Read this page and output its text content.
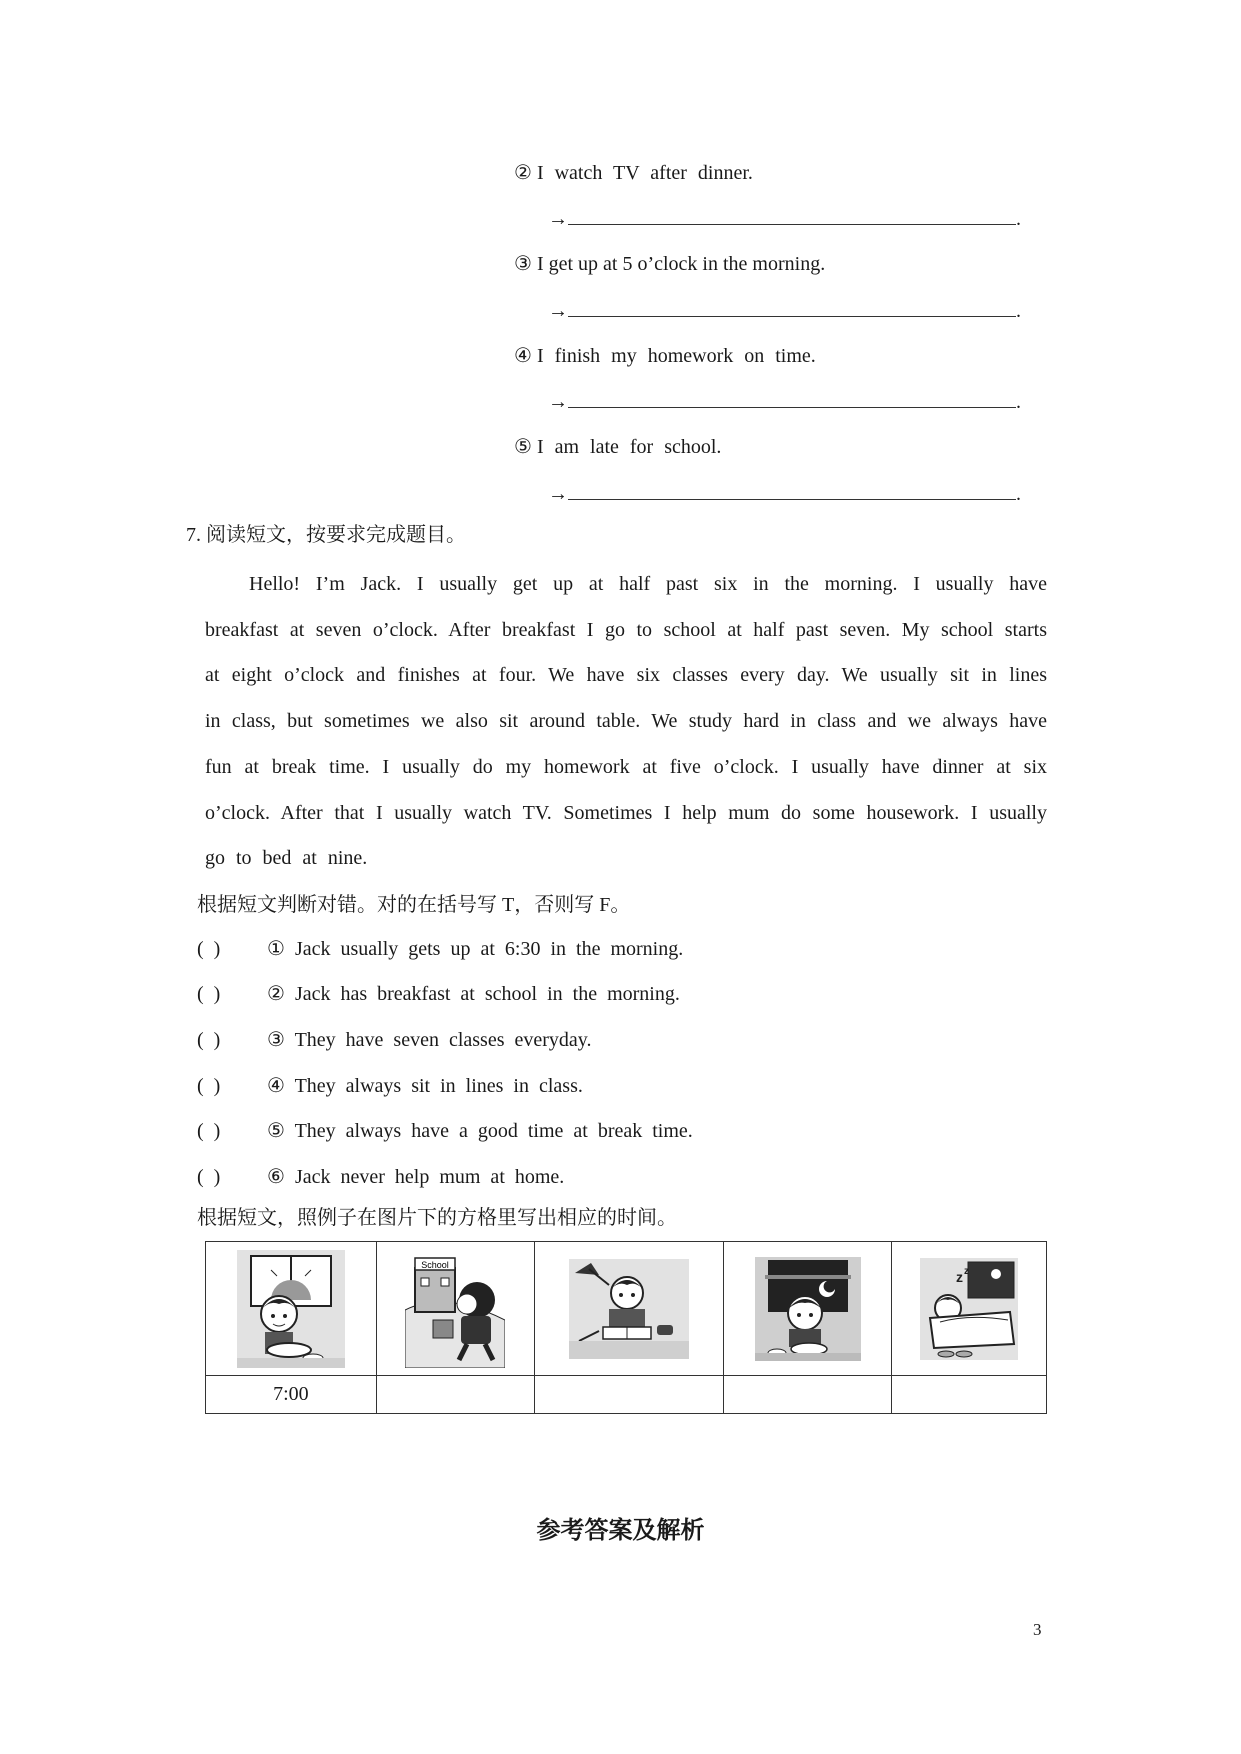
② I watch TV after dinner.
→	.
③ I get up at 5 o’clock in the morning.
→	.
④ I finish my homework on time.
→	.
⑤ I am late for school.
→	.
7. 阅读短文，按要求完成题目。
Hello! I’m Jack. I usually get up at half past six in the morning. I usually have breakfast at seven o’clock. After breakfast I go to school at half past seven. My school starts at eight o’clock and finishes at four. We have six classes every day. We usually sit in lines in class, but sometimes we also sit around table. We study hard in class and we always have fun at break time. I usually do my homework at five o’clock. I usually have dinner at six o’clock. After that I usually watch TV. Sometimes I help mum do some housework. I usually go to bed at nine.
根据短文判断对错。对的在括号写 T，否则写 F。
( ) ① Jack usually gets up at 6:30 in the morning.
( ) ② Jack has breakfast at school in the morning.
( ) ③ They have seven classes everyday.
( ) ④ They always sit in lines in class.
( ) ⑤ They always have a good time at break time.
( ) ⑥ Jack never help mum at home.
根据短文，照例子在图片下的方格里写出相应的时间。

School			z z

7:00				
参考答案及解析
3
